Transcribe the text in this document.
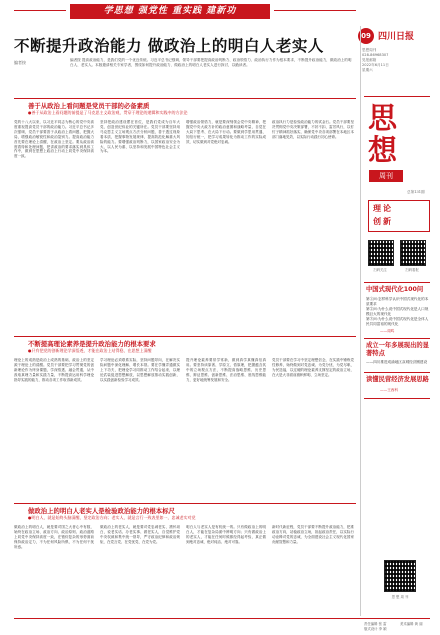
学思想 强党性 重实践 建新功
不断提升政治能力 做政治上的明白人老实人
09 四川日报
思想周刊
028-86968307
见报邮箱
2022年6月11日
星期六
思
想
周刊
总第131期
理 论
创 新
扫码关注	扫码看报
中国式现代化100问
第①问:怎样科学认识中国式现代化的本质要求
第②问:为什么说中国式现代化是人口规模巨大的现代化
第③问:为什么说中国式现代化是全体人民共同富裕的现代化
——周鸣
成立一年多展现出的显著特点
——四川推进成渝地区双城经济圈建设
读懂民营经济发展思路
——王西科
思 想 周 刊
编者按	编者按 提高政治能力，是我们党的一个优良传统。习近平总书记强调，领导干部要把提高政治判断力、政治领悟力、政治执行力作为根本要求，不断提升政治能力，做政治上的明白人、老实人。本版邀请相关专家学者，围绕如何提升政治能力、做政治上的明白人老实人进行探讨，以飨读者。
善于从政治上看问题是党员干部的必备素质
●善于从政治上看问题的前提是了马克思主义政治观，贯穿于理论的逻辑和实践中的方法论
党的十八大以来，以习近平同志为核心的党中央高度重视提高党员干部的政治能力。习近平总书记多次强调，党员干部要善于从政治上看问题、把握大局，增强政治敏锐性和政治鉴别力。提高政治能力首先要在理论上清醒，在政治上坚定。要从政治高度看待和处理问题，把讲政治的要求落实到具体工作中，做到在思想上政治上行动上同党中央保持高度一致。
坚持把政治建设摆在首位，是我们党成为百年大党、创造世纪伟业的关键所在。党员干部要坚持用马克思主义立场观点方法分析问题，善于透过现象看本质，把握事物发展规律，提高防范化解重大风险的能力。要增强政治判断力，以国家政治安全为大、以人民为重、以坚持和发展中国特色社会主义为本。
增强政治领悟力，就是要深刻领会党中央精神，把握党中央大政方针的政治意图和战略考量，自觉在大局下思考、在大局下行动。要做到学思用贯通、知信行统一，把学习成果转化为推动工作的实际成效，切实做到对党绝对忠诚。
政治执行力是检验政治能力的试金石。党员干部要坚决贯彻党中央决策部署，不折不扣、雷厉风行，以钉钉子精神抓好落实，确保党中央各项部署在本地区本部门落地见效，以实际行动践行初心使命。
不断提高理论素养是提升政治能力的根本要求
●只有把党的创新理论学深悟透，才能在政治上站得稳，在思想上清醒
理论上的成熟是政治上成熟的基础，政治上的坚定源于理论上的清醒。党员干部要把学习贯彻党的创新理论作为终身课题，学深悟透、融会贯通，从中汲取真理力量和实践力量，不断提高运用科学理论指导实践的能力，推动各项工作取得新成效。
学习理论必须联系实际，坚持问题导向，在解决实际问题中深化理解、增长本领。要在学懂弄通做实上下功夫，把理论学习同推动工作结合起来，以理论武装促进思想解放，以思想解放推动实践创新，以实践创新检验学习成效。
提升理论素养要常学常新，做到真学真懂真信真用。要坚持读原著、学原文、悟原理，把握蕴含其中的立场观点方法，不断提高战略思维、历史思维、辩证思维、创新思维、法治思维、底线思维能力，更好地统筹发展和安全。
党员干部要在学习中坚定理想信念，在实践中锤炼党性修养，始终做到对党忠诚、为党分忧、为党尽职、为民造福，以过硬的理论素养支撑坚定的政治立场，在大是大非面前旗帜鲜明、立场坚定。
做政治上的明白人老实人是检验政治能力的根本标尺
●明白人，就是始终头脑清醒、坚定政治方向；老实人，就是言行一致表里如一，忠诚老实对党
做政治上的明白人，就是要对国之大者心中有数，始终在政治立场、政治方向、政治原则、政治道路上同党中央保持高度一致，在错综复杂的形势面前保持政治定力，不为任何风险所惧，不为任何干扰所惑。
做政治上的老实人，就是要对党忠诚老实、襟怀坦白，说老实话、办老实事、做老实人，自觉维护党中央权威和集中统一领导，严守政治纪律和政治规矩，在党言党、在党忧党、在党为党。
明白人与老实人是有机统一的。只有做政治上的明白人，才能在复杂局面中辨明方向；只有做政治上的老实人，才能在任何时候都经得起考验，真正做到绝对忠诚、绝对纯洁、绝对可靠。
新时代新征程，党员干部要不断提升政治能力，把准政治方向，站稳政治立场，担起政治责任，以实际行动诠释对党的忠诚，为全面建设社会主义现代化国家贡献智慧和力量。
责任编辑 张 雷
版式设计 李 颖
美术编辑 黄 丽
